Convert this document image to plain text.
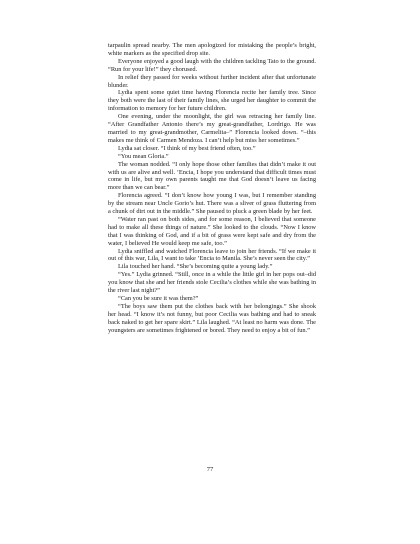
tarpaulin spread nearby. The men apologized for mistaking the people’s bright, white markers as the specified drop site.

Everyone enjoyed a good laugh with the children tackling Tato to the ground. “Run for your life!” they chorused.

In relief they passed for weeks without further incident after that unfortunate blunder.

Lydia spent some quiet time having Florencia recite her family tree. Since they both were the last of their family lines, she urged her daughter to commit the information to memory for her future children.

One evening, under the moonlight, the girl was retracing her family line. “After Grandfather Antonio there’s my great-grandfather, Lordrigo. He was married to my great-grandmother, Carmelita–” Florencia looked down. “–this makes me think of Carmen Mendoza. I can’t help but miss her sometimes.”

Lydia sat closer. “I think of my best friend often, too.”

“You mean Gloria.”

The woman nodded. “I only hope those other families that didn’t make it out with us are alive and well. ’Encia, I hope you understand that difficult times must come in life, but my own parents taught me that God doesn’t leave us facing more than we can bear.”

Florencia agreed. “I don’t know how young I was, but I remember standing by the stream near Uncle Gorio’s hut. There was a sliver of grass fluttering from a chunk of dirt out in the middle.” She paused to pluck a green blade by her feet.

“Water ran past on both sides, and for some reason, I believed that someone had to make all these things of nature.” She looked to the clouds. “Now I know that I was thinking of God, and if a bit of grass were kept safe and dry from the water, I believed He would keep me safe, too.”

Lydia sniffled and watched Florencia leave to join her friends. “If we make it out of this war, Lila, I want to take ’Encia to Manila. She’s never seen the city.”

Lila touched her hand. “She’s becoming quite a young lady.”

“Yes.” Lydia grinned. “Still, once in a while the little girl in her pops out–did you know that she and her friends stole Cecilia’s clothes while she was bathing in the river last night?”

“Can you be sure it was them?”

“The boys saw them put the clothes back with her belongings.” She shook her head. “I know it’s not funny, but poor Cecilia was bathing and had to sneak back naked to get her spare skirt.” Lila laughed. “At least no harm was done. The youngsters are sometimes frightened or bored. They need to enjoy a bit of fun.”

77
